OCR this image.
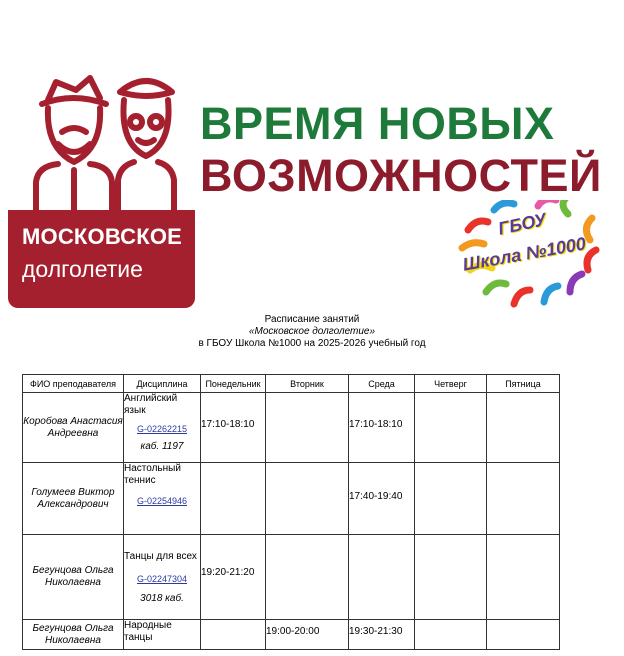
МОСКОВСКОЕ
долголетие
ВРЕМЯ НОВЫХ
ВОЗМОЖНОСТЕЙ
ГБОУ
Школа №1000
Расписание занятий
«Московское долголетие»
в ГБОУ Школа №1000 на 2025-2026 учебный год
ФИО преподавателя	Дисциплина	Понедельник	Вторник	Среда	Четверг	Пятница
Коробова Анастасия Андреевна	Английский язык
G-02262215
каб. 1197	17:10-18:10		17:10-18:10		
Голумеев Виктор Александрович	Настольный теннис
G-02254946			17:40-19:40		
Бегунцова Ольга Николаевна	Танцы для всех
G-02247304
3018 каб.	19:20-21:20				
Бегунцова Ольга Николаевна	Народные танцы		19:00-20:00	19:30-21:30		
